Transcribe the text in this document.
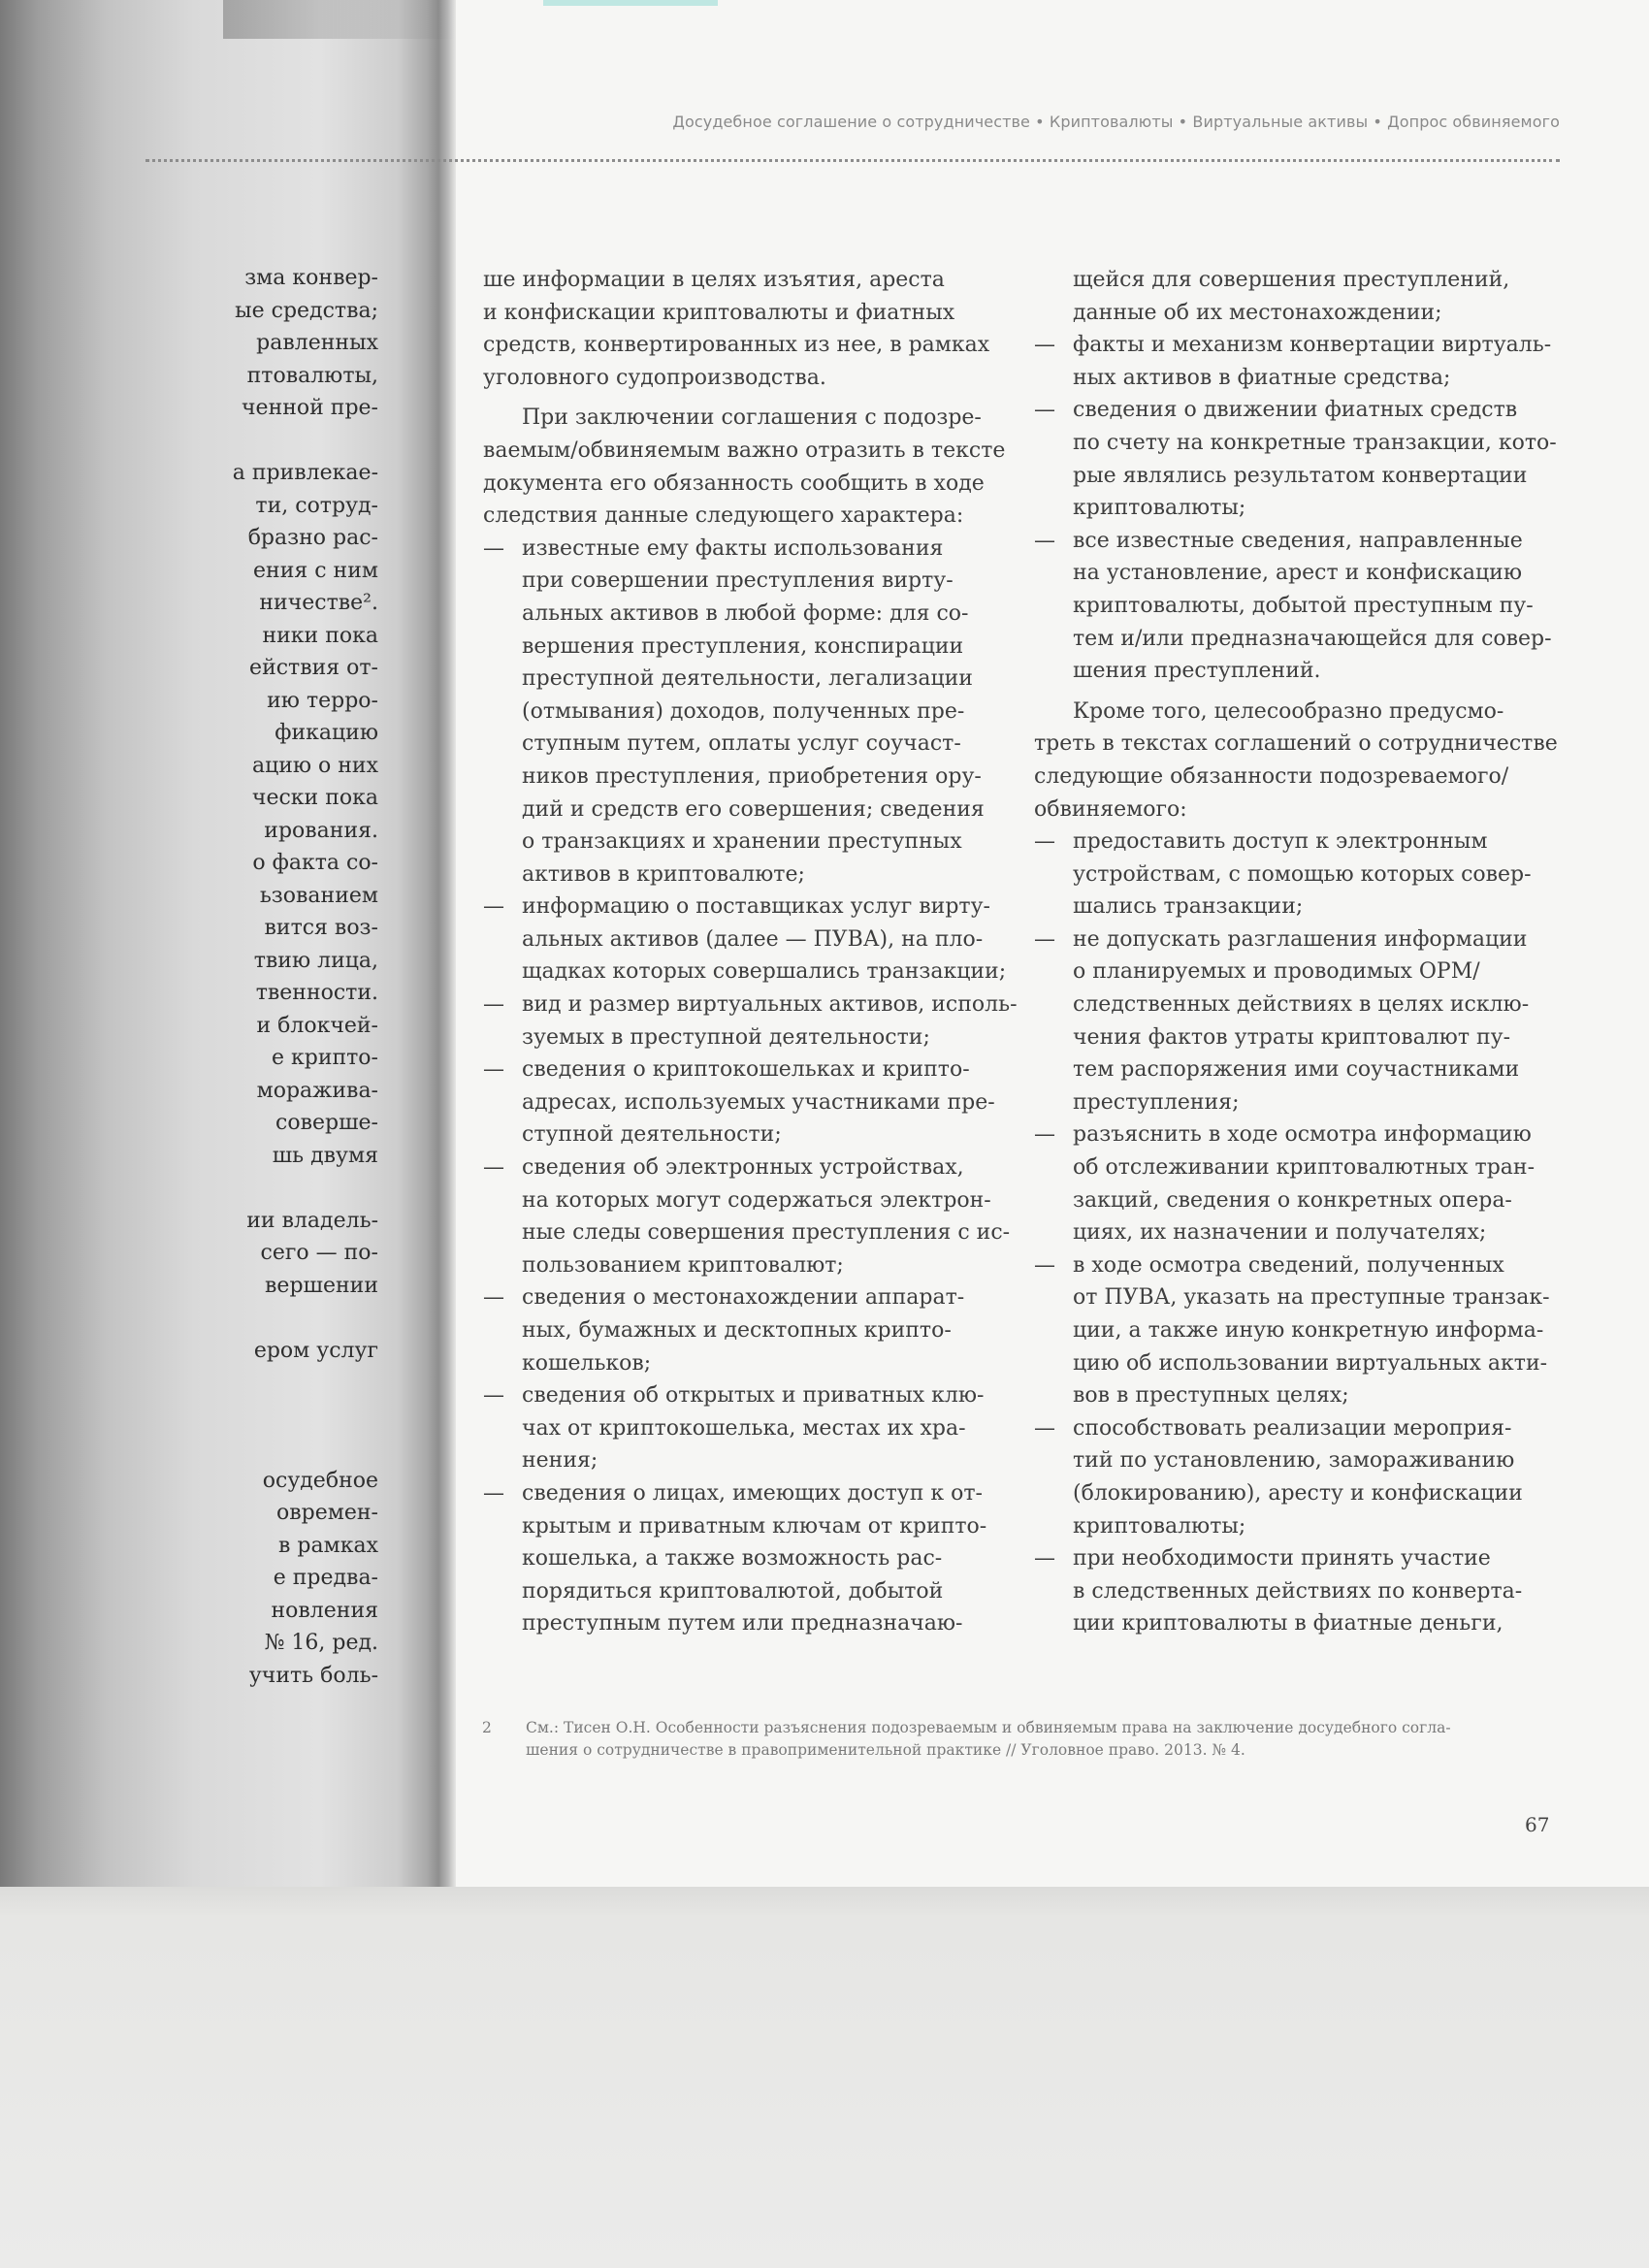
Досудебное соглашение о сотрудничестве • Криптовалюты • Виртуальные активы • Допрос обвиняемого
зма конвер-
ые средства;
равленных
птовалюты,
ченной пре-
а привлекае-
ти, сотруд-
бразно рас-
ения с ним
ничестве².
ники пока
ействия от-
ию терро-
фикацию
ацию о них
чески пока
ирования.
о факта со-
ьзованием
вится воз-
твию лица,
твенности.
и блокчей-
е крипто-
мораживa-
совершe-
шь двумя
ии владель-
сего — по-
вершении
ером услуг
осудебное
овремен-
в рамках
е предва-
новления
№ 16, ред.
учить боль-
ше информации в целях изъятия, ареста
и конфискации криптовалюты и фиатных
средств, конвертированных из нее, в рамках
уголовного судопроизводства.
При заключении соглашения с подозре-
ваемым/обвиняемым важно отразить в тексте
документа его обязанность сообщить в ходе
следствия данные следующего характера:
— известные ему факты использования
при совершении преступления вирту-
альных активов в любой форме: для со-
вершения преступления, конспирации
преступной деятельности, легализации
(отмывания) доходов, полученных пре-
ступным путем, оплаты услуг соучаст-
ников преступления, приобретения ору-
дий и средств его совершения; сведения
о транзакциях и хранении преступных
активов в криптовалюте;
— информацию о поставщиках услуг вирту-
альных активов (далее — ПУВА), на пло-
щадках которых совершались транзакции;
— вид и размер виртуальных активов, исполь-
зуемых в преступной деятельности;
— сведения о криптокошельках и крипто-
адресах, используемых участниками пре-
ступной деятельности;
— сведения об электронных устройствах,
на которых могут содержаться электрон-
ные следы совершения преступления с ис-
пользованием криптовалют;
— сведения о местонахождении аппарат-
ных, бумажных и десктопных крипто-
кошельков;
— сведения об открытых и приватных клю-
чах от криптокошелька, местах их хра-
нения;
— сведения о лицах, имеющих доступ к от-
крытым и приватным ключам от крипто-
кошелька, а также возможность рас-
порядиться криптовалютой, добытой
преступным путем или предназначаю-
щейся для совершения преступлений,
данные об их местонахождении;
— факты и механизм конвертации виртуаль-
ных активов в фиатные средства;
— сведения о движении фиатных средств
по счету на конкретные транзакции, кото-
рые являлись результатом конвертации
криптовалюты;
— все известные сведения, направленные
на установление, арест и конфискацию
криптовалюты, добытой преступным пу-
тем и/или предназначающейся для совер-
шения преступлений.
Кроме того, целесообразно предусмо-
треть в текстах соглашений о сотрудничестве
следующие обязанности подозреваемого/
обвиняемого:
— предоставить доступ к электронным
устройствам, с помощью которых совер-
шались транзакции;
— не допускать разглашения информации
о планируемых и проводимых ОРМ/
следственных действиях в целях исклю-
чения фактов утраты криптовалют пу-
тем распоряжения ими соучастниками
преступления;
— разъяснить в ходе осмотра информацию
об отслеживании криптовалютных тран-
закций, сведения о конкретных опера-
циях, их назначении и получателях;
— в ходе осмотра сведений, полученных
от ПУВА, указать на преступные транзак-
ции, а также иную конкретную информа-
цию об использовании виртуальных акти-
вов в преступных целях;
— способствовать реализации мероприя-
тий по установлению, замораживанию
(блокированию), аресту и конфискации
криптовалюты;
— при необходимости принять участие
в следственных действиях по конверта-
ции криптовалюты в фиатные деньги,
2 См.: Тисен О.Н. Особенности разъяснения подозреваемым и обвиняемым права на заключение досудебного согла-
шения о сотрудничестве в правоприменительной практике // Уголовное право. 2013. № 4.
67
